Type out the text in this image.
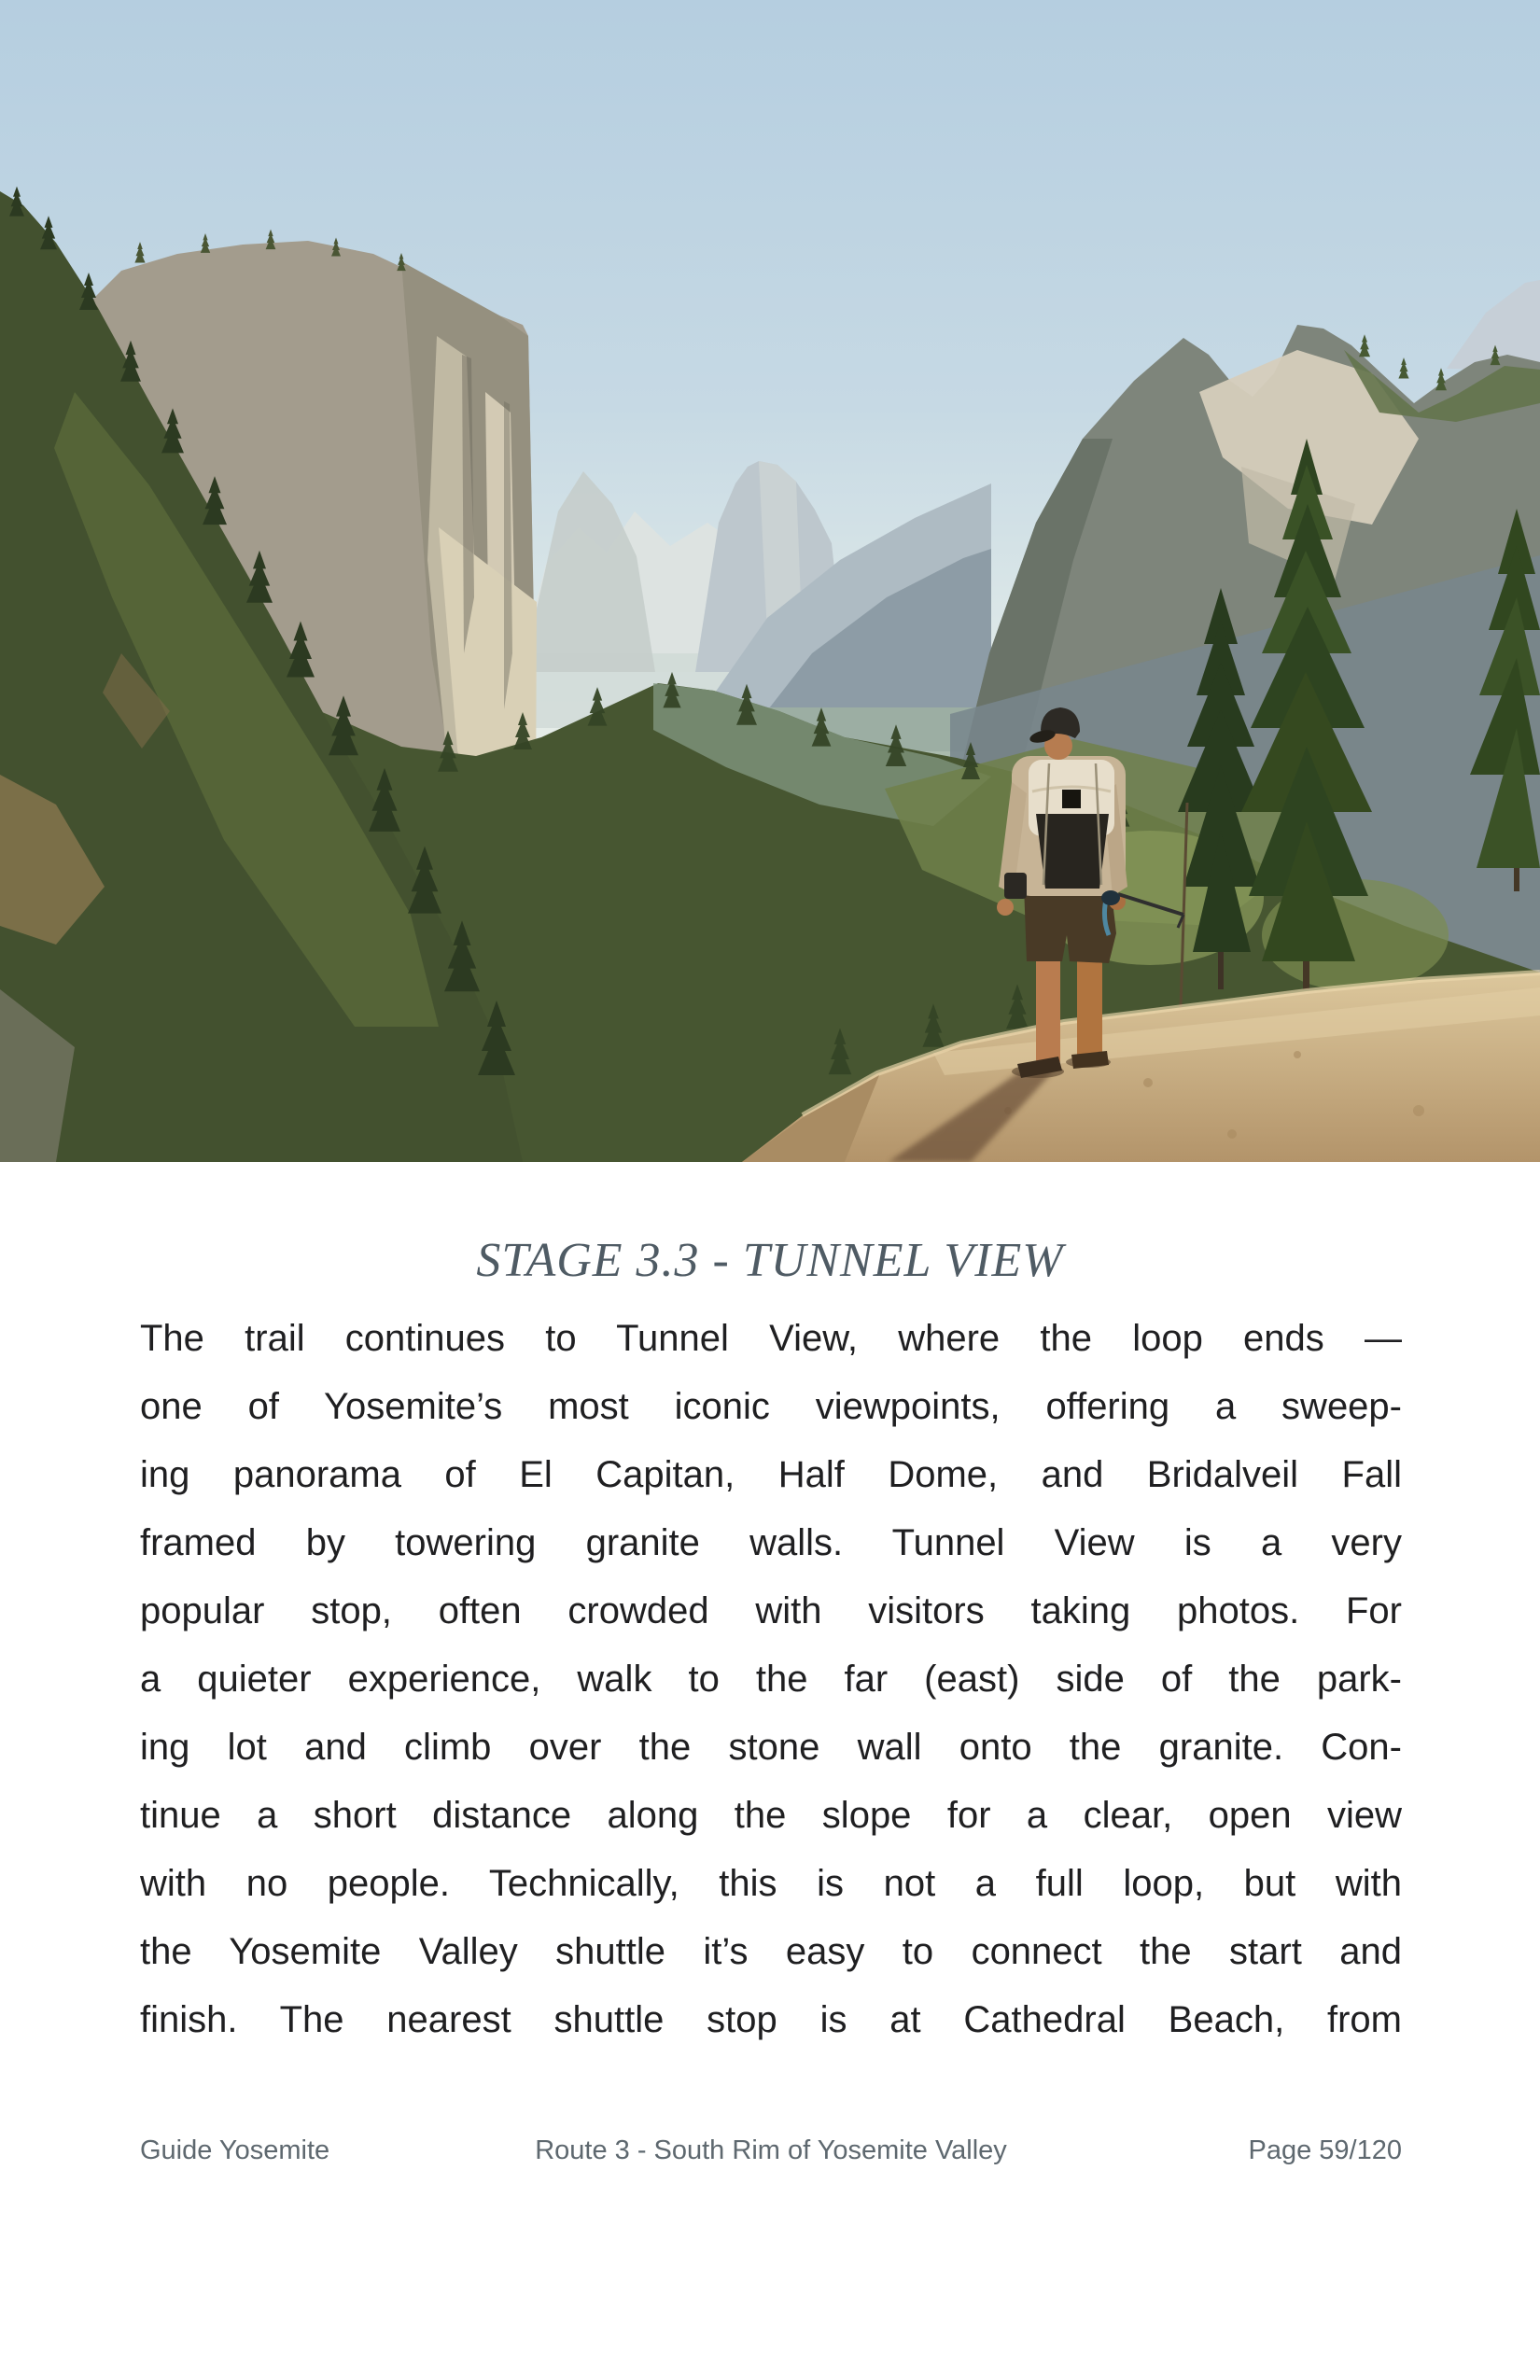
STAGE 3.3 - TUNNEL VIEW
The trail continues to Tunnel View, where the loop ends —
one of Yosemite’s most iconic viewpoints, offering a sweep-
ing panorama of El Capitan, Half Dome, and Bridalveil Fall
framed by towering granite walls. Tunnel View is a very
popular stop, often crowded with visitors taking photos. For
a quieter experience, walk to the far (east) side of the park-
ing lot and climb over the stone wall onto the granite. Con-
tinue a short distance along the slope for a clear, open view
with no people. Technically, this is not a full loop, but with
the Yosemite Valley shuttle it’s easy to connect the start and
finish. The nearest shuttle stop is at Cathedral Beach, from
Guide Yosemite	Route 3 - South Rim of Yosemite Valley	Page 59/120
